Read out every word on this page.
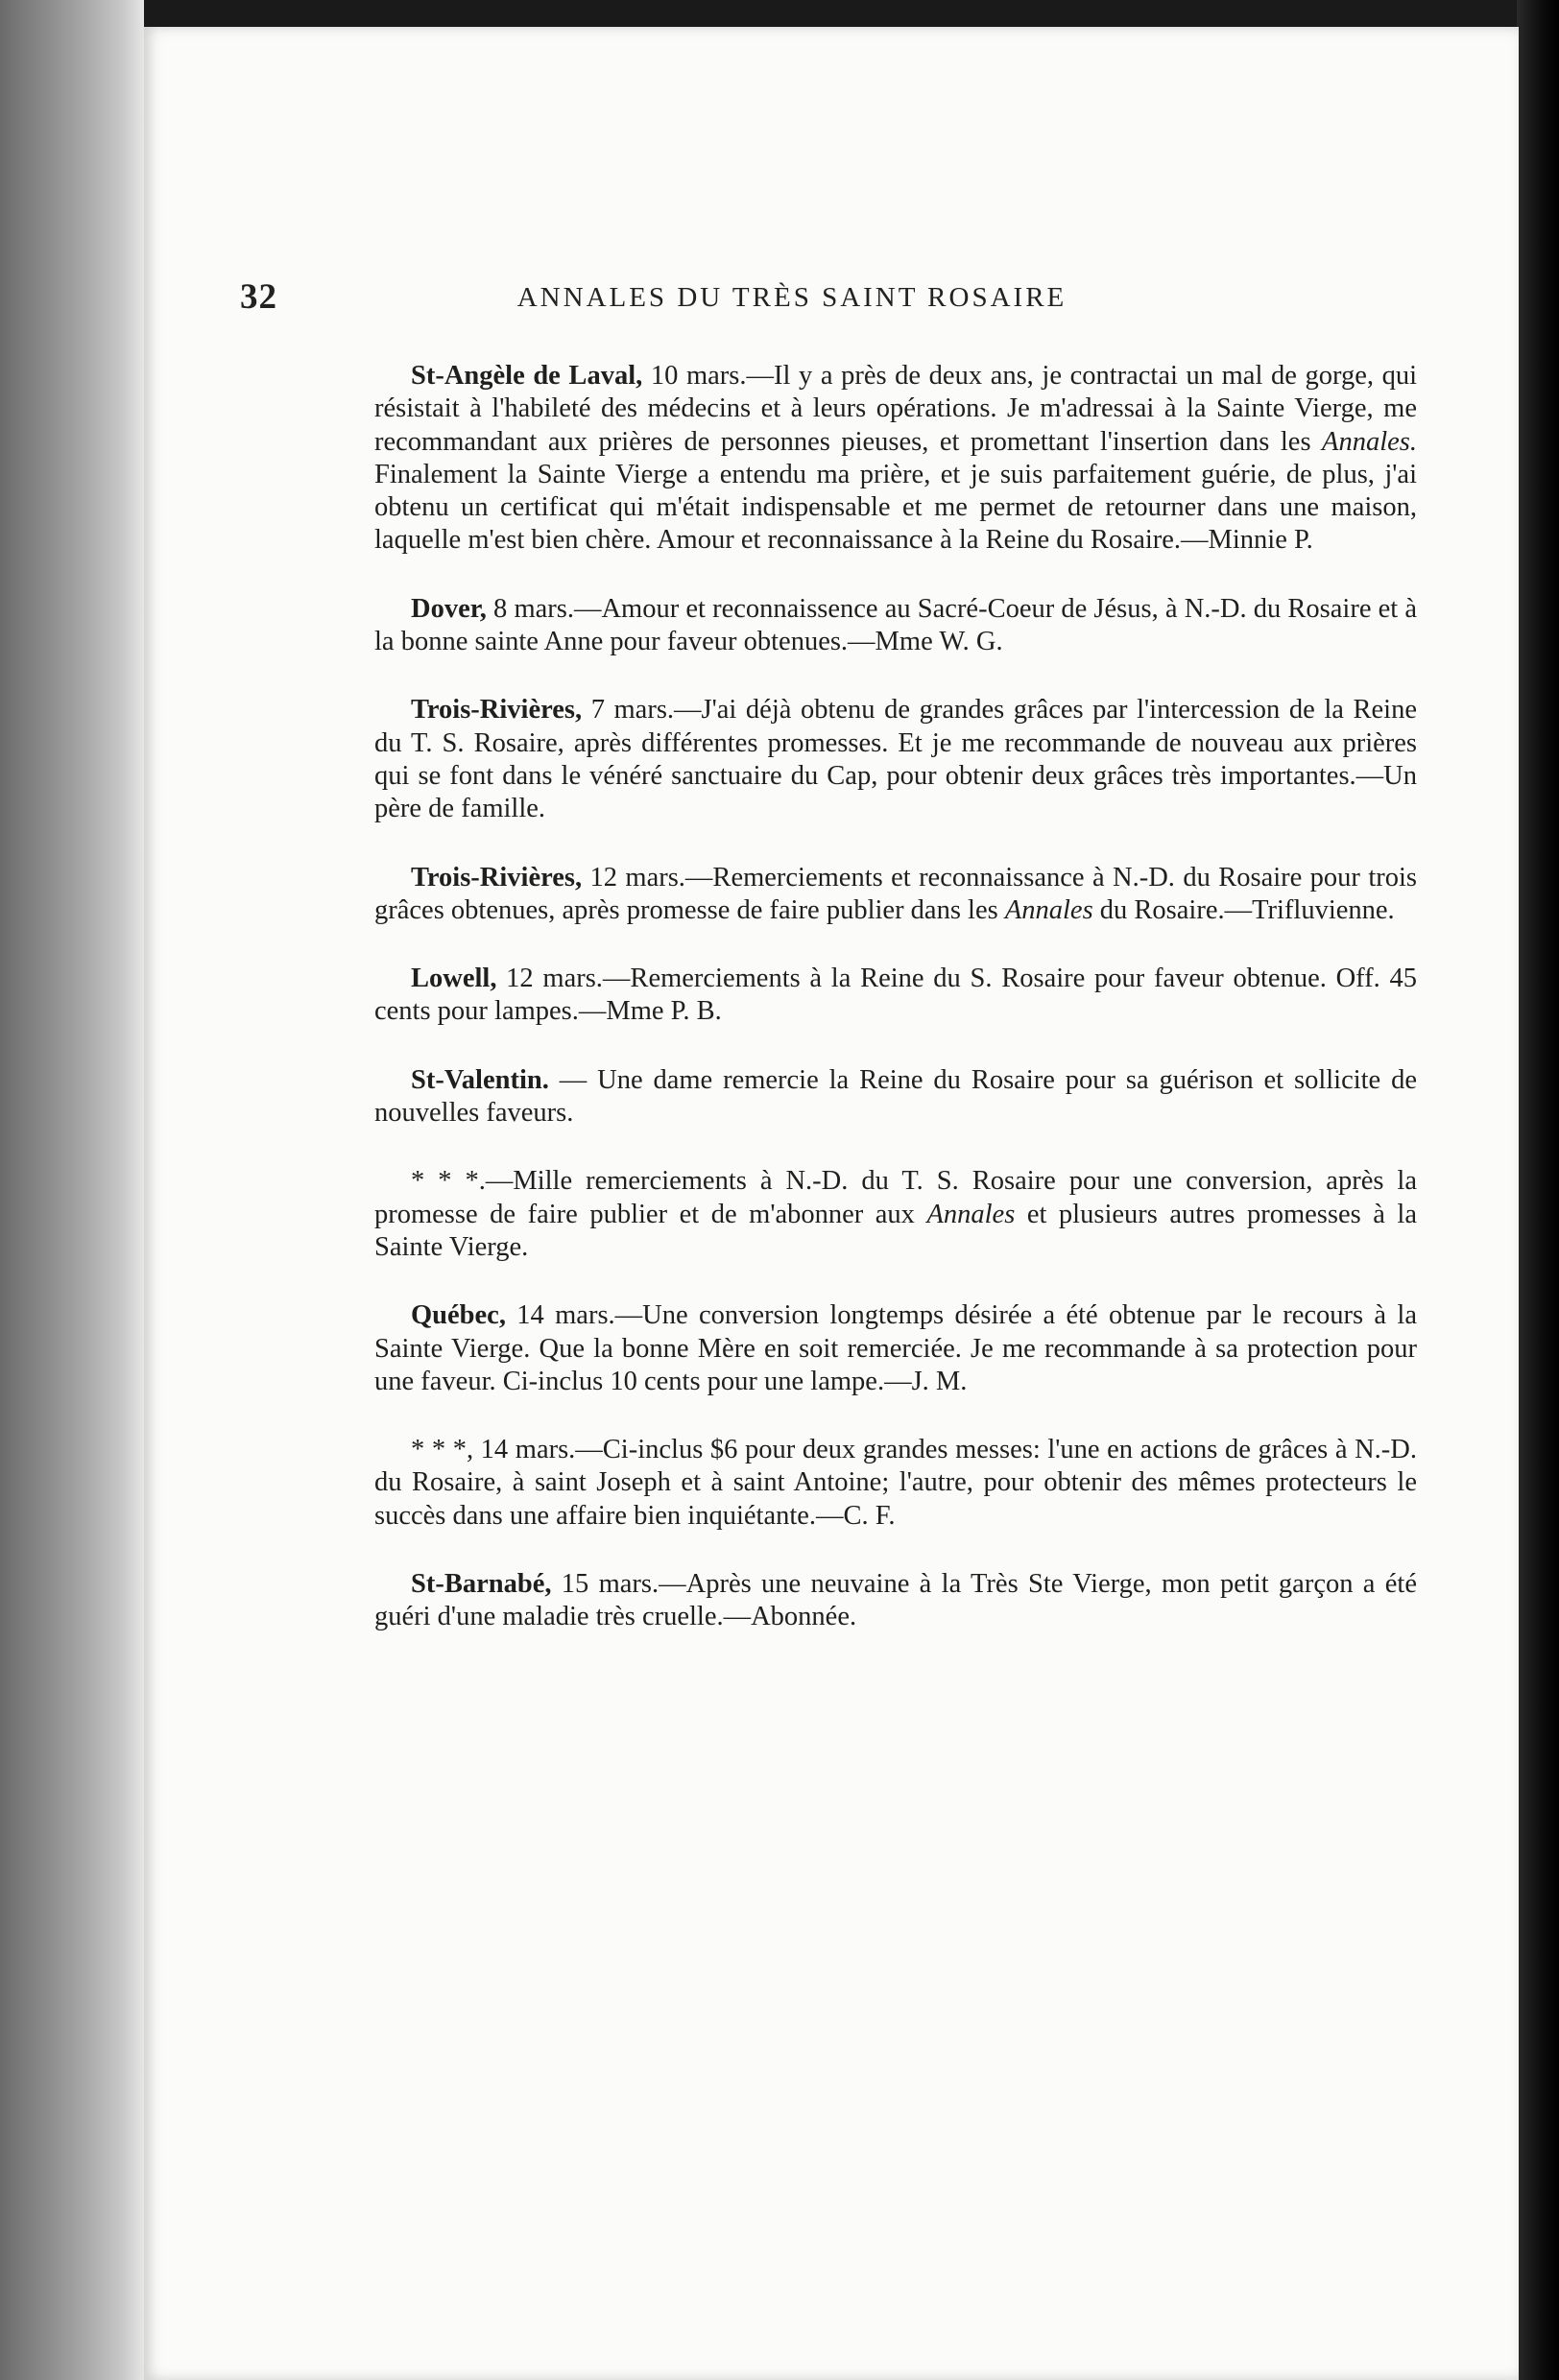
32	ANNALES DU TRÈS SAINT ROSAIRE

St-Angèle de Laval, 10 mars.—Il y a près de deux ans, je contractai un mal de gorge, qui résistait à l'habileté des médecins et à leurs opérations. Je m'adressai à la Sainte Vierge, me recommandant aux prières de personnes pieuses, et promettant l'insertion dans les Annales. Finalement la Sainte Vierge a entendu ma prière, et je suis parfaitement guérie, de plus, j'ai obtenu un certificat qui m'était indispensable et me permet de retourner dans une maison, laquelle m'est bien chère. Amour et reconnaissance à la Reine du Rosaire.—Minnie P.

Dover, 8 mars.—Amour et reconnaissence au Sacré-Coeur de Jésus, à N.-D. du Rosaire et à la bonne sainte Anne pour faveur obtenues.—Mme W. G.

Trois-Rivières, 7 mars.—J'ai déjà obtenu de grandes grâces par l'intercession de la Reine du T. S. Rosaire, après différentes promesses. Et je me recommande de nouveau aux prières qui se font dans le vénéré sanctuaire du Cap, pour obtenir deux grâces très importantes.—Un père de famille.

Trois-Rivières, 12 mars.—Remerciements et reconnaissance à N.-D. du Rosaire pour trois grâces obtenues, après promesse de faire publier dans les Annales du Rosaire.—Trifluvienne.

Lowell, 12 mars.—Remerciements à la Reine du S. Rosaire pour faveur obtenue. Off. 45 cents pour lampes.—Mme P. B.

St-Valentin. — Une dame remercie la Reine du Rosaire pour sa guérison et sollicite de nouvelles faveurs.

* * *.—Mille remerciements à N.-D. du T. S. Rosaire pour une conversion, après la promesse de faire publier et de m'abonner aux Annales et plusieurs autres promesses à la Sainte Vierge.

Québec, 14 mars.—Une conversion longtemps désirée a été obtenue par le recours à la Sainte Vierge. Que la bonne Mère en soit remerciée. Je me recommande à sa protection pour une faveur. Ci-inclus 10 cents pour une lampe.—J. M.

* * *, 14 mars.—Ci-inclus $6 pour deux grandes messes: l'une en actions de grâces à N.-D. du Rosaire, à saint Joseph et à saint Antoine; l'autre, pour obtenir des mêmes protecteurs le succès dans une affaire bien inquiétante.—C. F.

St-Barnabé, 15 mars.—Après une neuvaine à la Très Ste Vierge, mon petit garçon a été guéri d'une maladie très cruelle.—Abonnée.
